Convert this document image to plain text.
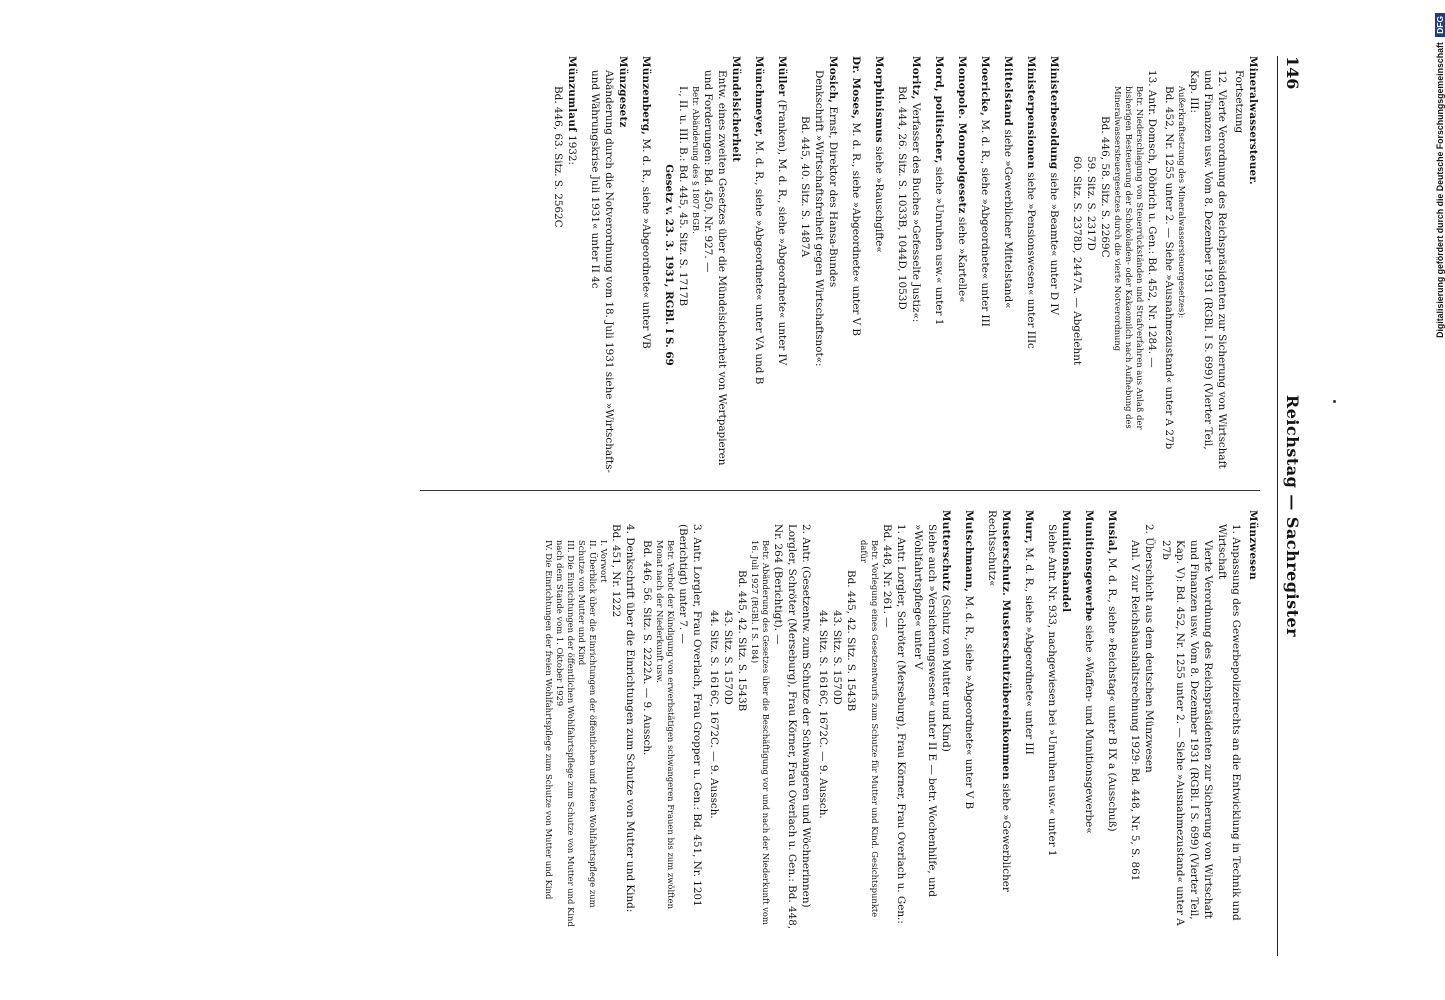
146
Reichstag — Sachregister
Mineralwassersteuer.
Fortsetzung
12. Vierte Verordnung des Reichspräsidenten zur Sicherung von Wirtschaft und Finanzen usw. Vom 8. Dezember 1931 (RGBl. I S. 699) (Vierter Teil, Kap. III:
Außerkraftsetzung des Mineralwassersteuergesetzes):
Bd. 452, Nr. 1255 unter 2. — Siehe »Ausnahmezustand« unter A 27b
13. Antr. Domsch, Döbrich u. Gen.: Bd. 452, Nr. 1284. —
Betr. Niederschlagung von Steuerrückständen und Strafverfahren aus Anlaß der bisherigen Besteuerung der Schokoladen- oder Kakaomilch nach Aufhebung des Mineralwassersteuergesetzes durch die vierte Notverordnung
Bd. 446, 58. Sitz. S. 2269C
59. Sitz. S. 2317D
60. Sitz. S. 2378D, 2447A. — Abgelehnt
Ministerbesoldung siehe »Beamte« unter D IV
Ministerpensionen siehe »Pensionswesen« unter IIIc
Mittelstand siehe »Gewerblicher Mittelstand«
Moericke, M. d. R., siehe »Abgeordnete« unter III
Monopole. Monopolgesetz siehe »Kartelle«
Mord, politischer, siehe »Unruhen usw.« unter 1
Moritz, Verfasser des Buches »Gefesselte Justiz«:
Bd. 444, 26. Sitz. S. 1033B, 1044D, 1053D
Morphinismus siehe »Rauschgifte«
Dr. Moses, M. d. R., siehe »Abgeordnete« unter V B
Mosich, Ernst, Direktor des Hansa-Bundes
Denkschrift »Wirtschaftsfreiheit gegen Wirtschaftsnot«:
Bd. 445, 40. Sitz. S. 1487A
Müller (Franken), M. d. R., siehe »Abgeordnete« unter IV
Münchmeyer, M. d. R., siehe »Abgeordnete« unter VA und B
Mündelsicherheit
Entw. eines zweiten Gesetzes über die Mündelsicherheit von Wertpapieren und Forderungen: Bd. 450, Nr. 927. —
Betr. Abänderung des § 1807 BGB.
I., II. u. III. B.: Bd. 445, 45. Sitz. S. 1717B
Gesetz v. 23. 3. 1931, RGBl. I S. 69
Münzenberg, M. d. R., siehe »Abgeordnete« unter VB
Münzgesetz
Abänderung durch die Notverordnung vom 18. Juli 1931 siehe »Wirtschafts- und Währungskrise Juli 1931« unter II 4c
Münzumlauf 1932:
Bd. 446, 63. Sitz. S. 2562C
Münzwesen
1. Anpassung des Gewerbepolizeirechts an die Entwicklung in Technik und Wirtschaft
Vierte Verordnung des Reichspräsidenten zur Sicherung von Wirtschaft und Finanzen usw. Vom 8. Dezember 1931 (RGBl. I S. 699) (Vierter Teil, Kap. V): Bd. 452, Nr. 1255 unter 2. — Siehe »Ausnahmezustand« unter A 27b
2. Überschicht aus dem deutschen Münzwesen
Anl. V zur Reichshaushaltsrechnung 1929: Bd. 448, Nr. 5, S. 861
Musial, M. d. R., siehe »Reichstag« unter B IX a (Ausschuß)
Munitionsgewerbe siehe »Waffen- und Munitionsgewerbe«
Munitionshandel
Siehe Antr. Nr. 933, nachgewiesen bei »Unruhen usw.« unter 1
Murr, M. d. R., siehe »Abgeordnete« unter III
Musterschutz. Musterschutzübereinkommen siehe »Gewerblicher Rechtsschutz«
Mutschmann, M. d. R., siehe »Abgeordnete« unter V B
Mutterschutz (Schutz von Mutter und Kind)
Siehe auch »Versicherungswesen« unter II E — betr. Wochenhilfe, und »Wohlfahrtspflege« unter V
1. Antr. Lorgler, Schröter (Merseburg), Frau Körner, Frau Overlach u. Gen.: Bd. 448, Nr. 261. —
Betr. Vorlegung eines Gesetzentwurfs zum Schutze für Mutter und Kind. Gesichtspunkte dafür
Bd. 445, 42. Sitz. S. 1543B
43. Sitz. S. 1570D
44. Sitz. S. 1616C, 1672C. — 9. Aussch.
2. Antr. (Gesetzentw. zum Schutze der Schwangeren und Wöchnerinnen) Lorgler, Schröter (Merseburg), Frau Körner, Frau Overlach u. Gen.: Bd. 448, Nr. 264 (Berichtigt). —
Betr. Abänderung des Gesetzes über die Beschäftigung vor und nach der Niederkunft vom 16. Juli 1927 (RGBl. I S. 184)
Bd. 445, 42. Sitz. S. 1543B
43. Sitz. S. 1570D
44. Sitz. S. 1616C, 1672C. — 9. Aussch.
3. Antr. Lorgler, Frau Overlach, Frau Gropper u. Gen.: Bd. 451, Nr. 1201 (Berichtigt) unter 7. —
Betr. Verbot der Kündigung von erwerbstätigen schwangeren Frauen bis zum zwölften Monat nach der Niederkunft usw.
Bd. 446, 56. Sitz. S. 2222A. — 9. Aussch.
4. Denkschrift über die Einrichtungen zum Schutze von Mutter und Kind: Bd. 451, Nr. 1222
I. Vorwort
II. Überblick über die Einrichtungen der öffentlichen und freien Wohlfahrtspflege zum Schutze von Mutter und Kind
III. Die Einrichtungen der öffentlichen Wohlfahrtspflege zum Schutze von Mutter und Kind nach dem Stande vom 1. Oktober 1929
IV. Die Einrichtungen der freien Wohlfahrtspflege zum Schutze von Mutter und Kind
Digitalisierung gefördert durch die Deutsche Forschungsgemeinschaft DFG
